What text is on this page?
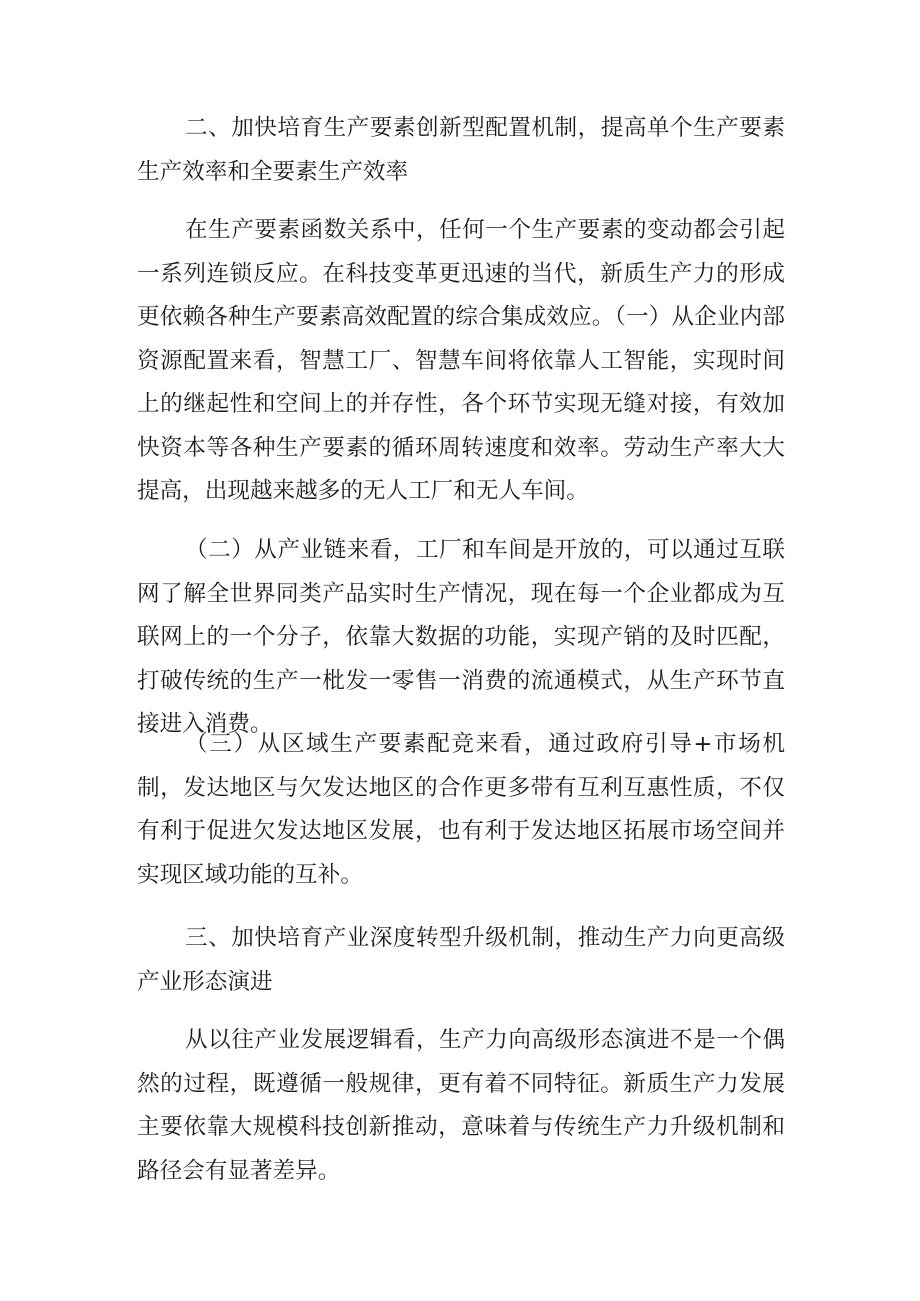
二、加快培育生产要素创新型配置机制，提高单个生产要素生产效率和全要素生产效率

在生产要素函数关系中，任何一个生产要素的变动都会引起一系列连锁反应。在科技变革更迅速的当代，新质生产力的形成更依赖各种生产要素高效配置的综合集成效应。（一）从企业内部资源配置来看，智慧工厂、智慧车间将依靠人工智能，实现时间上的继起性和空间上的并存性，各个环节实现无缝对接，有效加快资本等各种生产要素的循环周转速度和效率。劳动生产率大大提高，出现越来越多的无人工厂和无人车间。

（二）从产业链来看，工厂和车间是开放的，可以通过互联网了解全世界同类产品实时生产情况，现在每一个企业都成为互联网上的一个分子，依靠大数据的功能，实现产销的及时匹配，打破传统的生产一枇发一零售一消费的流通模式，从生产环节直接进入消费。

（三）从区域生产要素配竞来看，通过政府引导+市场机制，发达地区与欠发达地区的合作更多带有互利互惠性质，不仅有利于促进欠发达地区发展，也有利于发达地区拓展市场空间并实现区域功能的互补。

三、加快培育产业深度转型升级机制，推动生产力向更高级产业形态演进

从以往产业发展逻辑看，生产力向高级形态演进不是一个偶然的过程，既遵循一般规律，更有着不同特征。新质生产力发展主要依靠大规模科技创新推动，意味着与传统生产力升级机制和路径会有显著差异。
